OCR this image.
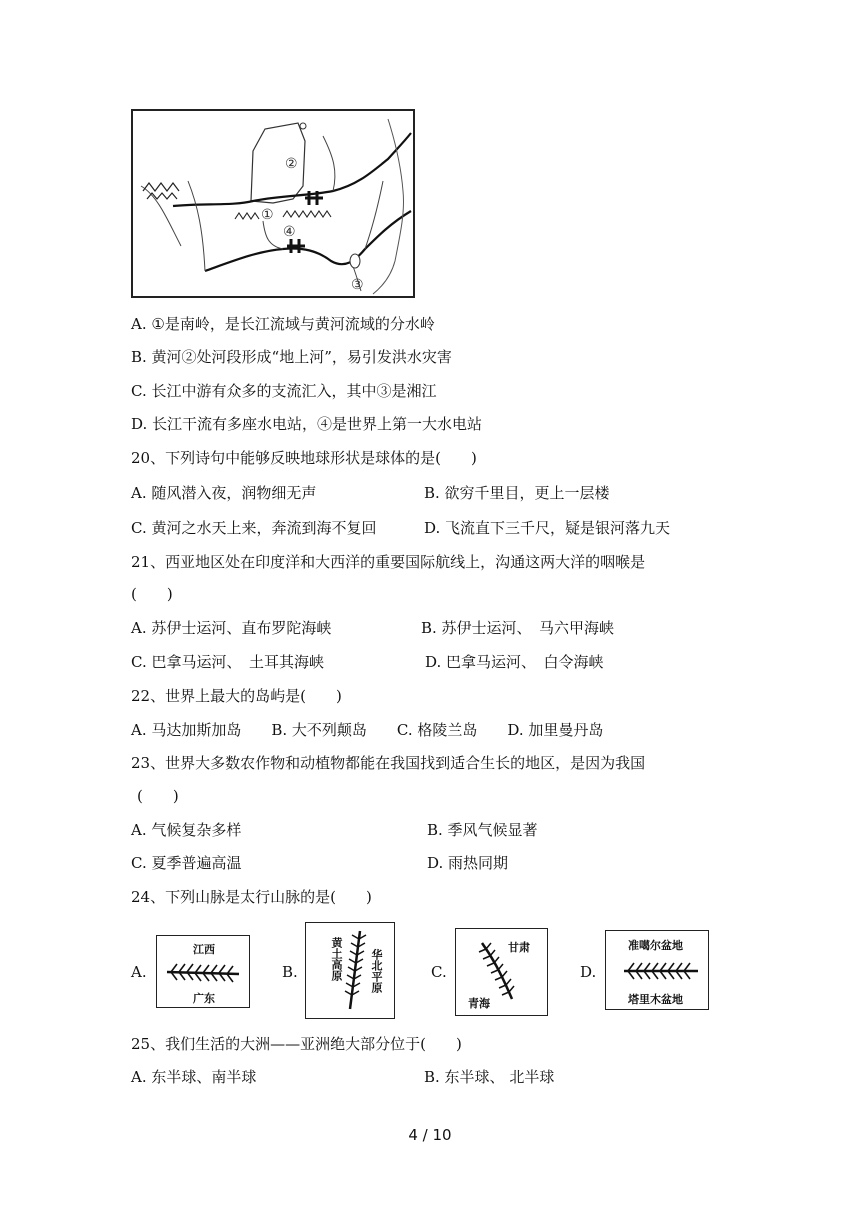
②
①
④
③
A. ①是南岭，是长江流域与黄河流域的分水岭
B. 黄河②处河段形成“地上河”，易引发洪水灾害
C. 长江中游有众多的支流汇入，其中③是湘江
D. 长江干流有多座水电站，④是世界上第一大水电站
20、下列诗句中能够反映地球形状是球体的是(　　)
A. 随风潜入夜，润物细无声	B. 欲穷千里目，更上一层楼
C. 黄河之水天上来，奔流到海不复回	D. 飞流直下三千尺，疑是银河落九天
21、西亚地区处在印度洋和大西洋的重要国际航线上，沟通这两大洋的咽喉是
(　　)
A. 苏伊士运河、直布罗陀海峡	B. 苏伊士运河、　马六甲海峡
C. 巴拿马运河、　土耳其海峡	D. 巴拿马运河、　白令海峡
22、世界上最大的岛屿是(　　)
A. 马达加斯加岛　　B. 大不列颠岛　　C. 格陵兰岛　　D. 加里曼丹岛
23、世界大多数农作物和动植物都能在我国找到适合生长的地区，是因为我国
(　　)
A. 气候复杂多样	B. 季风气候显著
C. 夏季普遍高温	D. 雨热同期
24、下列山脉是太行山脉的是(　　)
A.
江西
广东
B.	黄土高原 华北平原	C.
甘肃
青海
D.
准噶尔盆地
塔里木盆地
25、我们生活的大洲——亚洲绝大部分位于(　　)
A. 东半球、南半球	B. 东半球、 北半球
4 / 10
